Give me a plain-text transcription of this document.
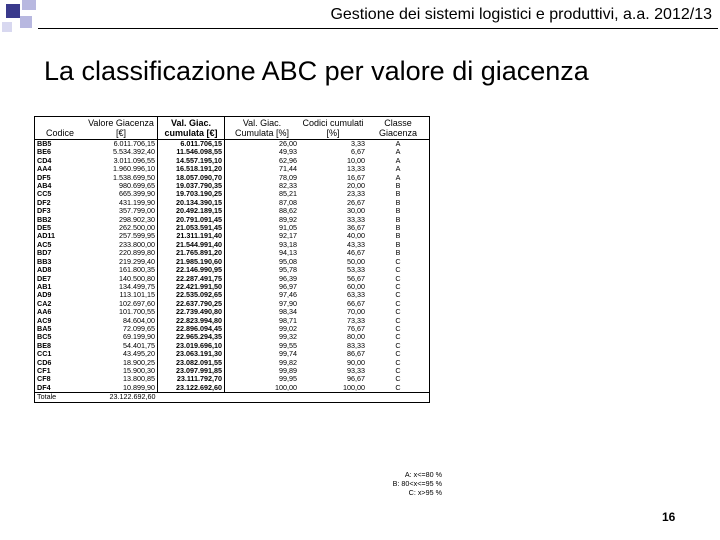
Gestione dei sistemi logistici e produttivi, a.a. 2012/13
La classificazione ABC per valore di giacenza
Codice	Valore Giacenza [€]	Val. Giac. cumulata [€]	Val. Giac. Cumulata [%]	Codici cumulati [%]	Classe Giacenza
BB5	6.011.706,15	6.011.706,15	26,00	3,33	A
BE6	5.534.392,40	11.546.098,55	49,93	6,67	A
CD4	3.011.096,55	14.557.195,10	62,96	10,00	A
AA4	1.960.996,10	16.518.191,20	71,44	13,33	A
DF5	1.538.699,50	18.057.090,70	78,09	16,67	A
AB4	980.699,65	19.037.790,35	82,33	20,00	B
CC5	665.399,90	19.703.190,25	85,21	23,33	B
DF2	431.199,90	20.134.390,15	87,08	26,67	B
DF3	357.799,00	20.492.189,15	88,62	30,00	B
BB2	298.902,30	20.791.091,45	89,92	33,33	B
DE5	262.500,00	21.053.591,45	91,05	36,67	B
AD11	257.599,95	21.311.191,40	92,17	40,00	B
AC5	233.800,00	21.544.991,40	93,18	43,33	B
BD7	220.899,80	21.765.891,20	94,13	46,67	B
BB3	219.299,40	21.985.190,60	95,08	50,00	C
AD8	161.800,35	22.146.990,95	95,78	53,33	C
DE7	140.500,80	22.287.491,75	96,39	56,67	C
AB1	134.499,75	22.421.991,50	96,97	60,00	C
AD9	113.101,15	22.535.092,65	97,46	63,33	C
CA2	102.697,60	22.637.790,25	97,90	66,67	C
AA6	101.700,55	22.739.490,80	98,34	70,00	C
AC9	84.604,00	22.823.994,80	98,71	73,33	C
BA5	72.099,65	22.896.094,45	99,02	76,67	C
BC5	69.199,90	22.965.294,35	99,32	80,00	C
BE8	54.401,75	23.019.696,10	99,55	83,33	C
CC1	43.495,20	23.063.191,30	99,74	86,67	C
CD6	18.900,25	23.082.091,55	99,82	90,00	C
CF1	15.900,30	23.097.991,85	99,89	93,33	C
CF8	13.800,85	23.111.792,70	99,95	96,67	C
DF4	10.899,90	23.122.692,60	100,00	100,00	C
Totale	23.122.692,60				
A: x<=80 %
B: 80<x<=95 %
C: x>95 %
16
